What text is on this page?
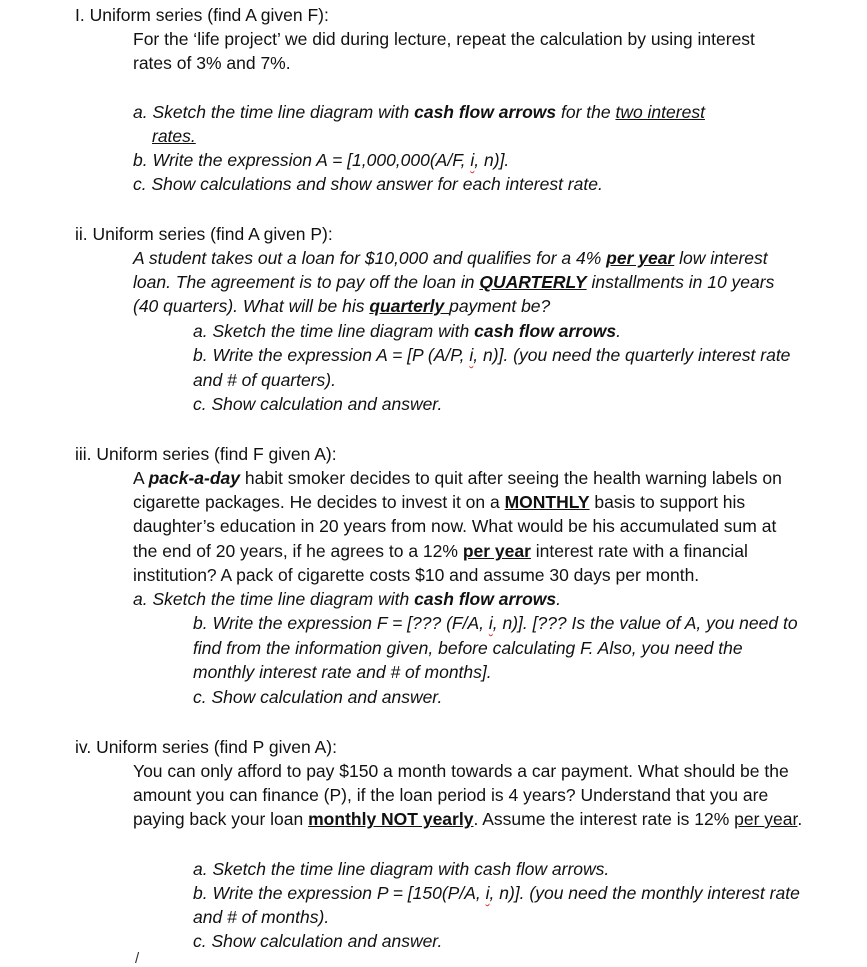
I. Uniform series (find A given F):
For the ‘life project’ we did during lecture, repeat the calculation by using interest
rates of 3% and 7%.
a. Sketch the time line diagram with cash flow arrows for the two interest
rates.
b. Write the expression A = [1,000,000(A/F, i, n)].
c. Show calculations and show answer for each interest rate.
ii. Uniform series (find A given P):
A student takes out a loan for $10,000 and qualifies for a 4% per year low interest
loan. The agreement is to pay off the loan in QUARTERLY installments in 10 years
(40 quarters). What will be his quarterly payment be?
a. Sketch the time line diagram with cash flow arrows.
b. Write the expression A = [P (A/P, i, n)]. (you need the quarterly interest rate
and # of quarters).
c. Show calculation and answer.
iii. Uniform series (find F given A):
A pack-a-day habit smoker decides to quit after seeing the health warning labels on
cigarette packages. He decides to invest it on a MONTHLY basis to support his
daughter’s education in 20 years from now. What would be his accumulated sum at
the end of 20 years, if he agrees to a 12% per year interest rate with a financial
institution? A pack of cigarette costs $10 and assume 30 days per month.
a. Sketch the time line diagram with cash flow arrows.
b. Write the expression F = [??? (F/A, i, n)]. [??? Is the value of A, you need to
find from the information given, before calculating F. Also, you need the
monthly interest rate and # of months].
c. Show calculation and answer.
iv. Uniform series (find P given A):
You can only afford to pay $150 a month towards a car payment. What should be the
amount you can finance (P), if the loan period is 4 years? Understand that you are
paying back your loan monthly NOT yearly. Assume the interest rate is 12% per year.
a. Sketch the time line diagram with cash flow arrows.
b. Write the expression P = [150(P/A, i, n)]. (you need the monthly interest rate
and # of months).
c. Show calculation and answer.
/
